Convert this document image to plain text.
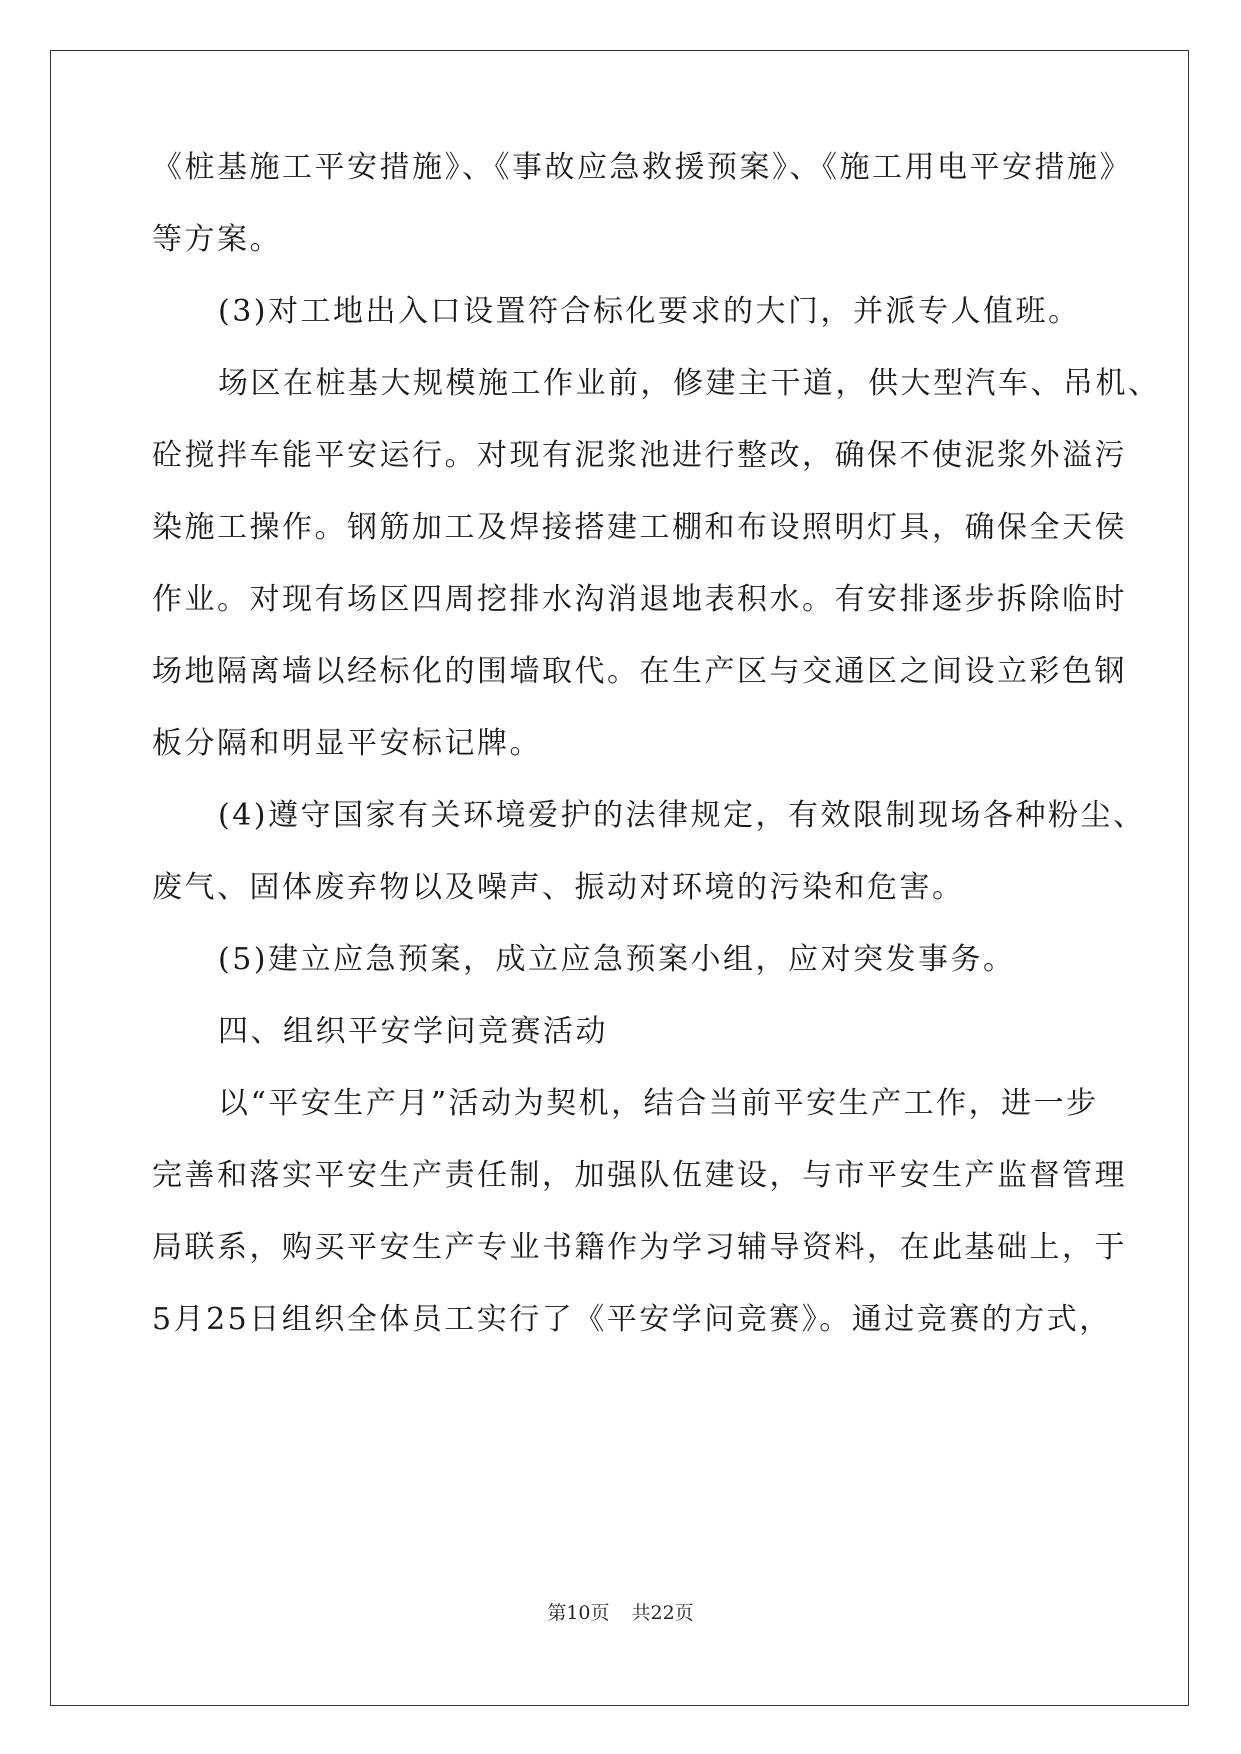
《桩基施工平安措施》、《事故应急救援预案》、《施工用电平安措施》
等方案。
(3)对工地出入口设置符合标化要求的大门，并派专人值班。
场区在桩基大规模施工作业前，修建主干道，供大型汽车、吊机、
砼搅拌车能平安运行。对现有泥浆池进行整改，确保不使泥浆外溢污
染施工操作。钢筋加工及焊接搭建工棚和布设照明灯具，确保全天侯
作业。对现有场区四周挖排水沟消退地表积水。有安排逐步拆除临时
场地隔离墙以经标化的围墙取代。在生产区与交通区之间设立彩色钢
板分隔和明显平安标记牌。
(4)遵守国家有关环境爱护的法律规定，有效限制现场各种粉尘、
废气、固体废弃物以及噪声、振动对环境的污染和危害。
(5)建立应急预案，成立应急预案小组，应对突发事务。
四、组织平安学问竞赛活动
以“平安生产月”活动为契机，结合当前平安生产工作，进一步
完善和落实平安生产责任制，加强队伍建设，与市平安生产监督管理
局联系，购买平安生产专业书籍作为学习辅导资料，在此基础上，于
5月25日组织全体员工实行了《平安学问竞赛》。通过竞赛的方式，
第10页 共22页
